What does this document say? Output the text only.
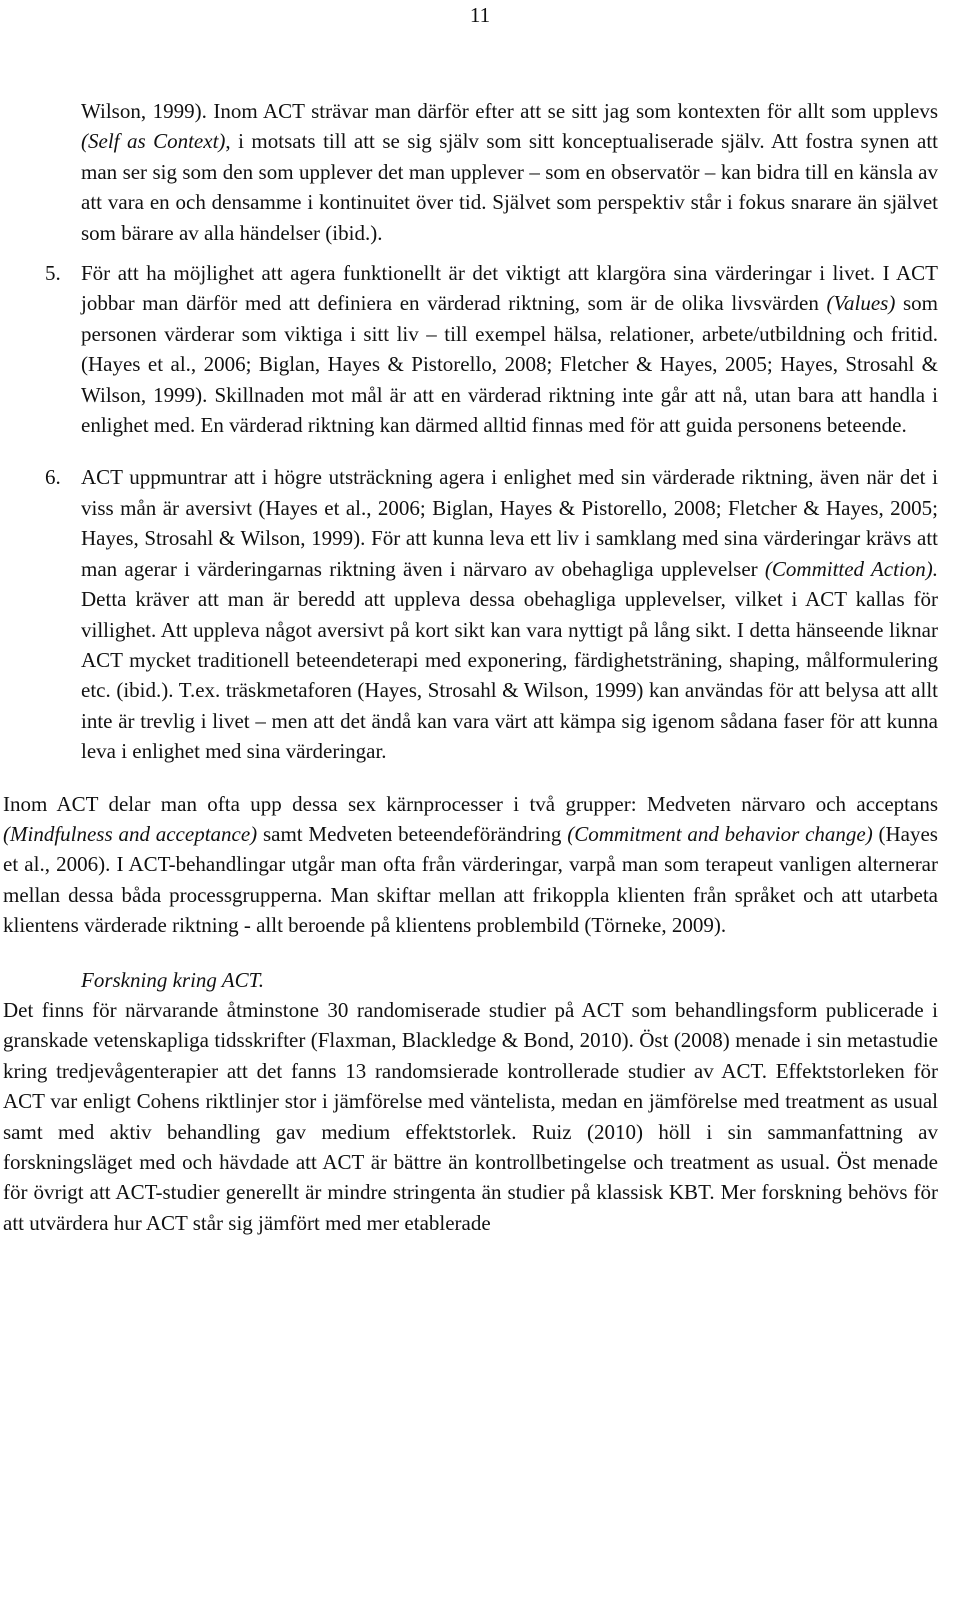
11

Wilson, 1999). Inom ACT strävar man därför efter att se sitt jag som kontexten för allt som upplevs (Self as Context), i motsats till att se sig själv som sitt konceptualiserade själv. Att fostra synen att man ser sig som den som upplever det man upplever – som en observatör – kan bidra till en känsla av att vara en och densamme i kontinuitet över tid. Självet som perspektiv står i fokus snarare än självet som bärare av alla händelser (ibid.).

5. För att ha möjlighet att agera funktionellt är det viktigt att klargöra sina värderingar i livet. I ACT jobbar man därför med att definiera en värderad riktning, som är de olika livsvärden (Values) som personen värderar som viktiga i sitt liv – till exempel hälsa, relationer, arbete/utbildning och fritid. (Hayes et al., 2006; Biglan, Hayes & Pistorello, 2008; Fletcher & Hayes, 2005; Hayes, Strosahl & Wilson, 1999). Skillnaden mot mål är att en värderad riktning inte går att nå, utan bara att handla i enlighet med. En värderad riktning kan därmed alltid finnas med för att guida personens beteende.

6. ACT uppmuntrar att i högre utsträckning agera i enlighet med sin värderade riktning, även när det i viss mån är aversivt (Hayes et al., 2006; Biglan, Hayes & Pistorello, 2008; Fletcher & Hayes, 2005; Hayes, Strosahl & Wilson, 1999). För att kunna leva ett liv i samklang med sina värderingar krävs att man agerar i värderingarnas riktning även i närvaro av obehagliga upplevelser (Committed Action). Detta kräver att man är beredd att uppleva dessa obehagliga upplevelser, vilket i ACT kallas för villighet. Att uppleva något aversivt på kort sikt kan vara nyttigt på lång sikt. I detta hänseende liknar ACT mycket traditionell beteendeterapi med exponering, färdighetsträning, shaping, målformulering etc. (ibid.). T.ex. träskmetaforen (Hayes, Strosahl & Wilson, 1999) kan användas för att belysa att allt inte är trevlig i livet – men att det ändå kan vara värt att kämpa sig igenom sådana faser för att kunna leva i enlighet med sina värderingar.

Inom ACT delar man ofta upp dessa sex kärnprocesser i två grupper: Medveten närvaro och acceptans (Mindfulness and acceptance) samt Medveten beteendeförändring (Commitment and behavior change) (Hayes et al., 2006). I ACT-behandlingar utgår man ofta från värderingar, varpå man som terapeut vanligen alternerar mellan dessa båda processgrupperna. Man skiftar mellan att frikoppla klienten från språket och att utarbeta klientens värderade riktning - allt beroende på klientens problembild (Törneke, 2009).

Forskning kring ACT.

Det finns för närvarande åtminstone 30 randomiserade studier på ACT som behandlingsform publicerade i granskade vetenskapliga tidsskrifter (Flaxman, Blackledge & Bond, 2010). Öst (2008) menade i sin metastudie kring tredjevågenterapier att det fanns 13 randomsierade kontrollerade studier av ACT. Effektstorleken för ACT var enligt Cohens riktlinjer stor i jämförelse med väntelista, medan en jämförelse med treatment as usual samt med aktiv behandling gav medium effektstorlek. Ruiz (2010) höll i sin sammanfattning av forskningsläget med och hävdade att ACT är bättre än kontrollbetingelse och treatment as usual. Öst menade för övrigt att ACT-studier generellt är mindre stringenta än studier på klassisk KBT. Mer forskning behövs för att utvärdera hur ACT står sig jämfört med mer etablerade
